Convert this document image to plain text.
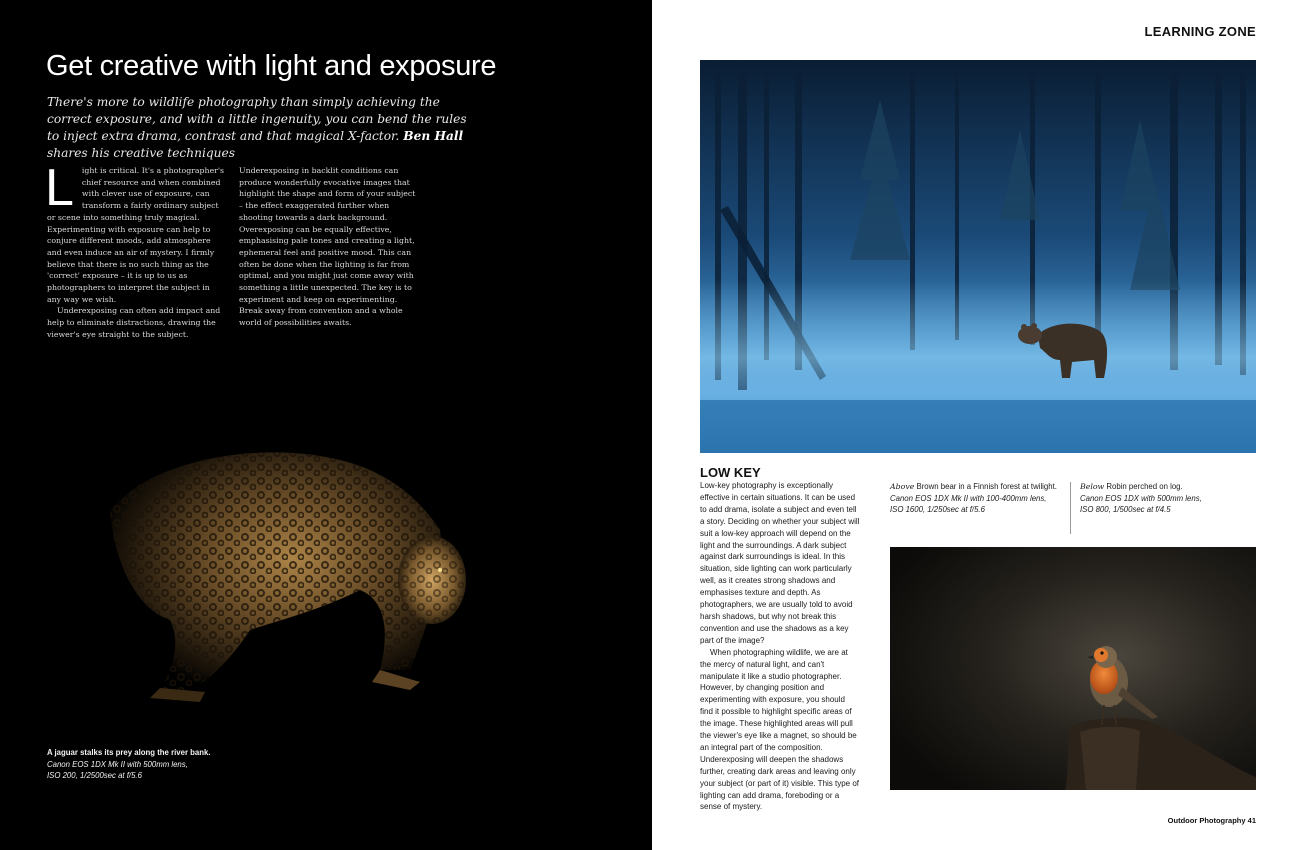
Get creative with light and exposure

There's more to wildlife photography than simply achieving the correct exposure, and with a little ingenuity, you can bend the rules to inject extra drama, contrast and that magical X-factor. Ben Hall shares his creative techniques

L ight is critical. It's a photographer's chief resource and when combined with clever use of exposure, can transform a fairly ordinary subject or scene into something truly magical. Experimenting with exposure can help to conjure different moods, add atmosphere and even induce an air of mystery. I firmly believe that there is no such thing as the 'correct' exposure – it is up to us as photographers to interpret the subject in any way we wish.

Underexposing can often add impact and help to eliminate distractions, drawing the viewer's eye straight to the subject.

Underexposing in backlit conditions can produce wonderfully evocative images that highlight the shape and form of your subject – the effect exaggerated further when shooting towards a dark background. Overexposing can be equally effective, emphasising pale tones and creating a light, ephemeral feel and positive mood. This can often be done when the lighting is far from optimal, and you might just come away with something a little unexpected. The key is to experiment and keep on experimenting. Break away from convention and a whole world of possibilities awaits.

A jaguar stalks its prey along the river bank.
Canon EOS 1DX Mk II with 500mm lens,
ISO 200, 1/2500sec at f/5.6
LEARNING ZONE
LOW KEY

Low-key photography is exceptionally effective in certain situations. It can be used to add drama, isolate a subject and even tell a story. Deciding on whether your subject will suit a low-key approach will depend on the light and the surroundings. A dark subject against dark surroundings is ideal. In this situation, side lighting can work particularly well, as it creates strong shadows and emphasises texture and depth. As photographers, we are usually told to avoid harsh shadows, but why not break this convention and use the shadows as a key part of the image?

When photographing wildlife, we are at the mercy of natural light, and can't manipulate it like a studio photographer. However, by changing position and experimenting with exposure, you should find it possible to highlight specific areas of the image. These highlighted areas will pull the viewer's eye like a magnet, so should be an integral part of the composition. Underexposing will deepen the shadows further, creating dark areas and leaving only your subject (or part of it) visible. This type of lighting can add drama, foreboding or a sense of mystery.

Above Brown bear in a Finnish forest at twilight.
Canon EOS 1DX Mk II with 100-400mm lens,
ISO 1600, 1/250sec at f/5.6
Below Robin perched on log.
Canon EOS 1DX with 500mm lens,
ISO 800, 1/500sec at f/4.5
Outdoor Photography 41
